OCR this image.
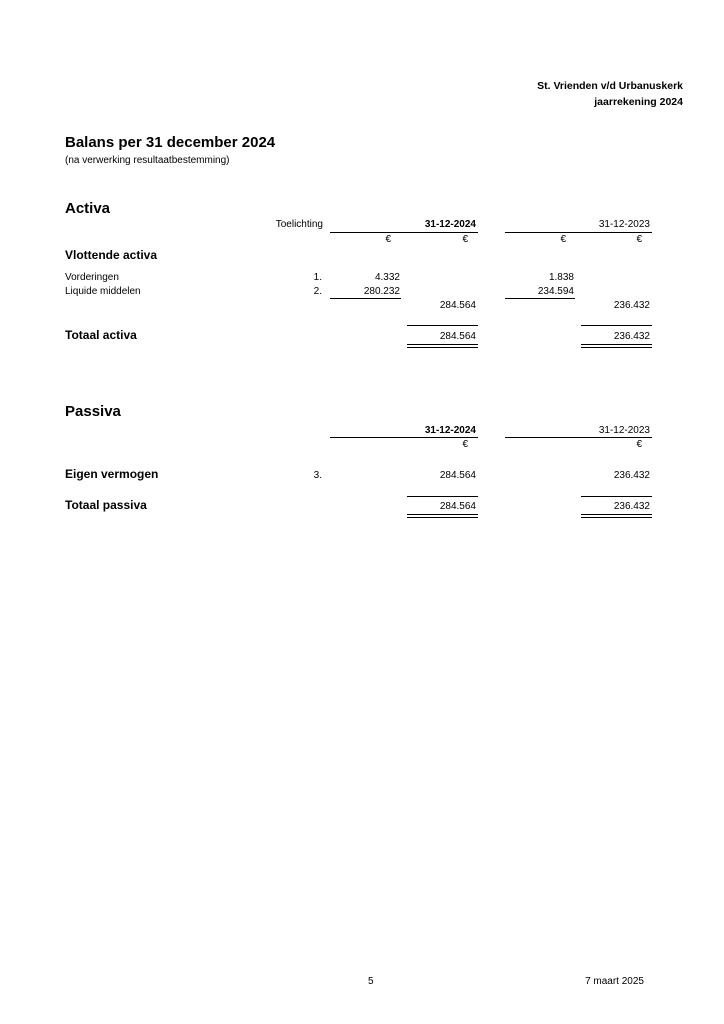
St. Vrienden v/d Urbanuskerk
jaarrekening 2024
Balans per 31 december 2024
(na verwerking resultaatbestemming)
Activa
Toelichting	31-12-2024	31-12-2023
€	€	€	€
Vlottende activa
Vorderingen	1.	4.332	1.838
Liquide middelen	2.	280.232	234.594
284.564	236.432
Totaal activa	284.564	236.432
Passiva
31-12-2024	31-12-2023
€	€
Eigen vermogen	3.	284.564	236.432
Totaal passiva	284.564	236.432
5	7 maart 2025
